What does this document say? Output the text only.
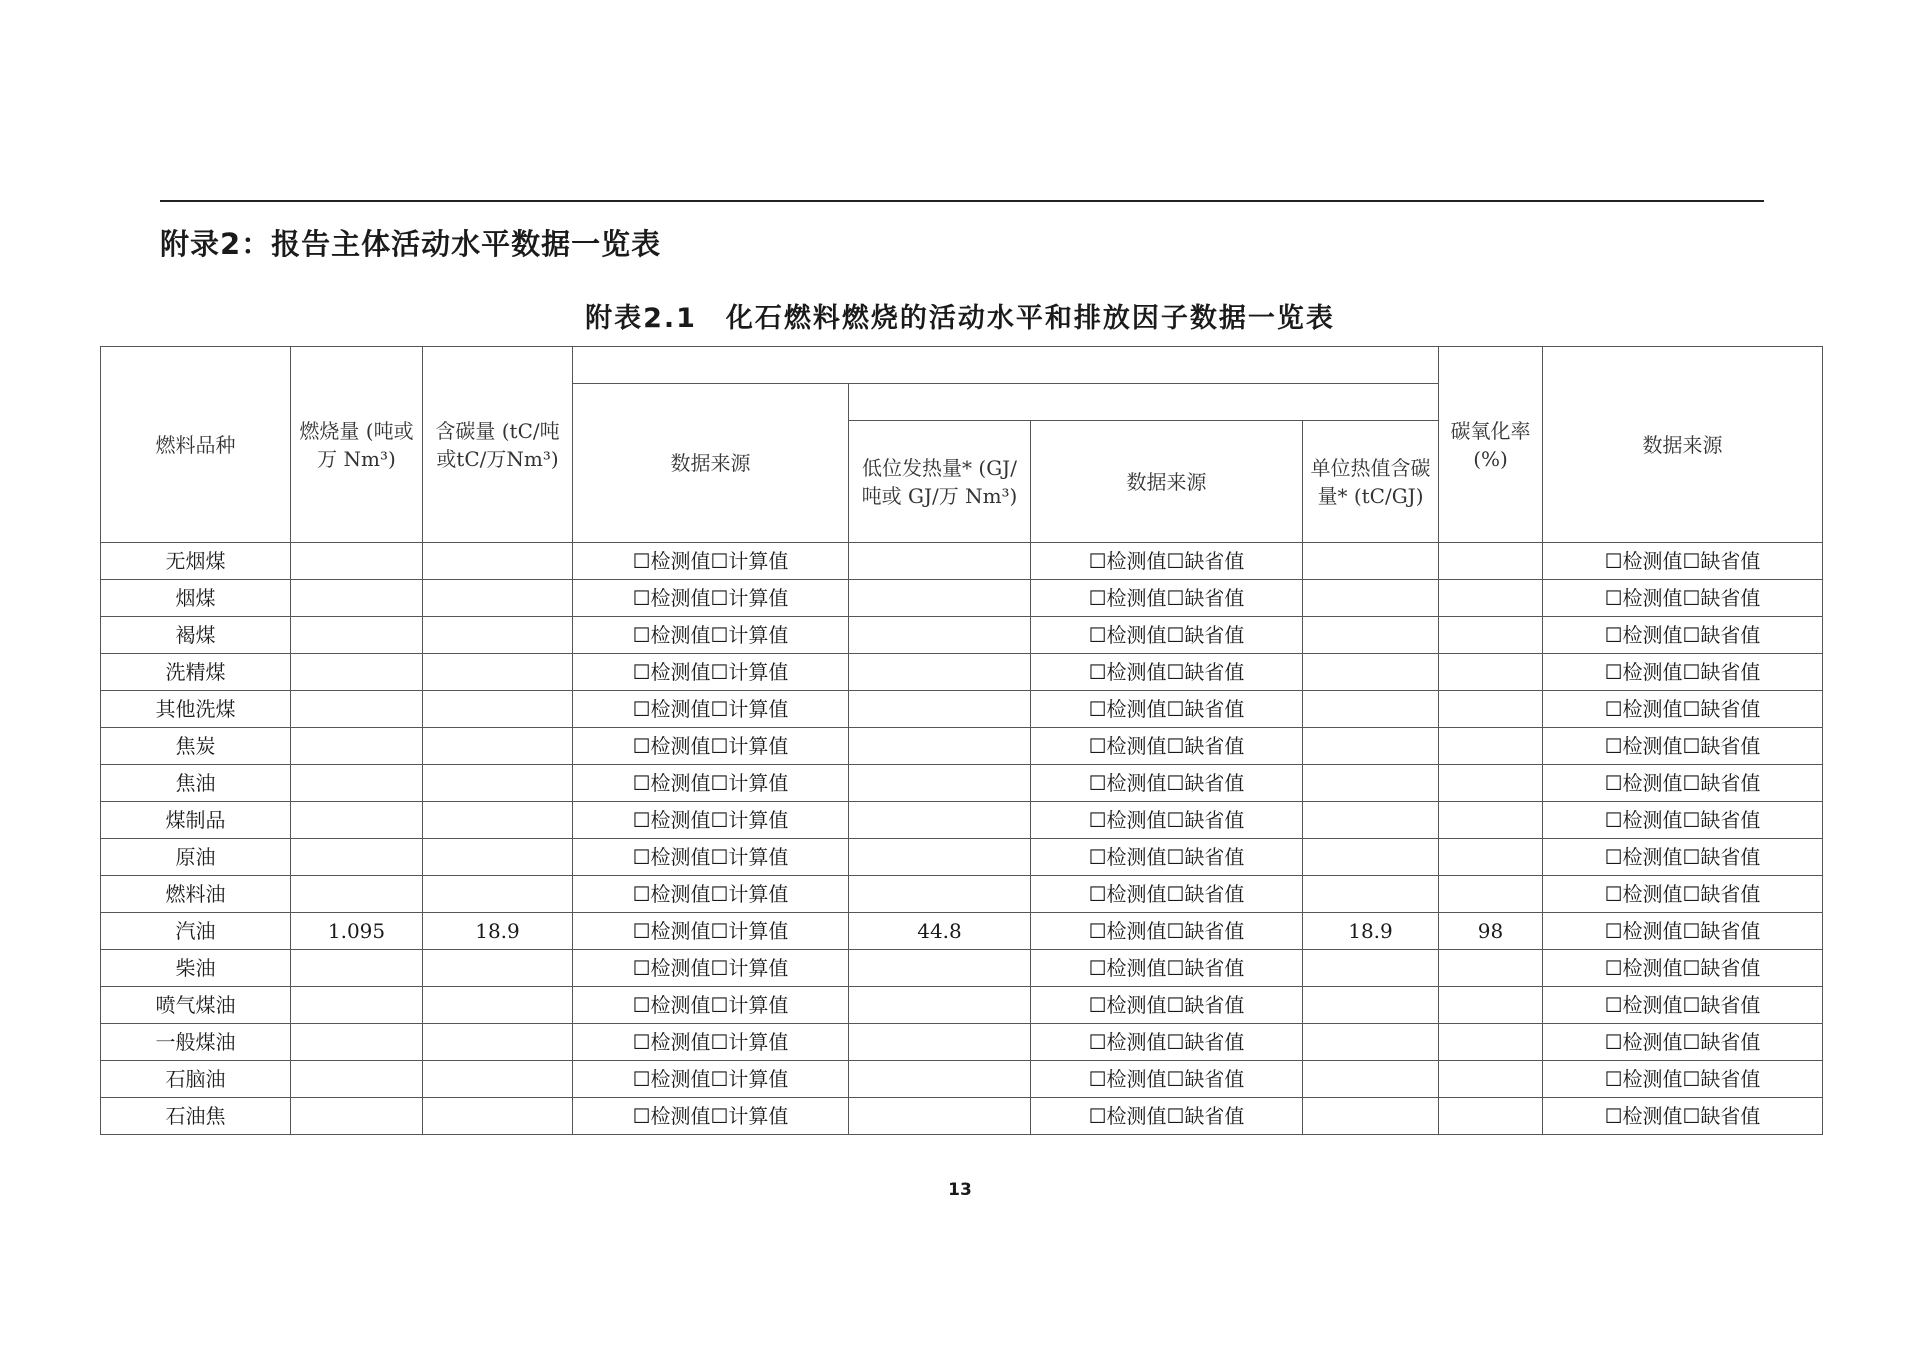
附录2：报告主体活动水平数据一览表
附表2.1　化石燃料燃烧的活动水平和排放因子数据一览表
燃料品种	燃烧量 (吨或万 Nm³)	含碳量 (tC/吨或tC/万Nm³)					碳氧化率 (%)	数据来源
			数据来源					
				低位发热量* (GJ/吨或 GJ/万 Nm³)	数据来源	单位热值含碳量* (tC/GJ)		
无烟煤			☐检测值☐计算值		☐检测值☐缺省值			☐检测值☐缺省值
烟煤			☐检测值☐计算值		☐检测值☐缺省值			☐检测值☐缺省值
褐煤			☐检测值☐计算值		☐检测值☐缺省值			☐检测值☐缺省值
洗精煤			☐检测值☐计算值		☐检测值☐缺省值			☐检测值☐缺省值
其他洗煤			☐检测值☐计算值		☐检测值☐缺省值			☐检测值☐缺省值
焦炭			☐检测值☐计算值		☐检测值☐缺省值			☐检测值☐缺省值
焦油			☐检测值☐计算值		☐检测值☐缺省值			☐检测值☐缺省值
煤制品			☐检测值☐计算值		☐检测值☐缺省值			☐检测值☐缺省值
原油			☐检测值☐计算值		☐检测值☐缺省值			☐检测值☐缺省值
燃料油			☐检测值☐计算值		☐检测值☐缺省值			☐检测值☐缺省值
汽油	1.095	18.9	☐检测值☐计算值	44.8	☐检测值☐缺省值	18.9	98	☐检测值☐缺省值
柴油			☐检测值☐计算值		☐检测值☐缺省值			☐检测值☐缺省值
喷气煤油			☐检测值☐计算值		☐检测值☐缺省值			☐检测值☐缺省值
一般煤油			☐检测值☐计算值		☐检测值☐缺省值			☐检测值☐缺省值
石脑油			☐检测值☐计算值		☐检测值☐缺省值			☐检测值☐缺省值
石油焦			☐检测值☐计算值		☐检测值☐缺省值			☐检测值☐缺省值
13
